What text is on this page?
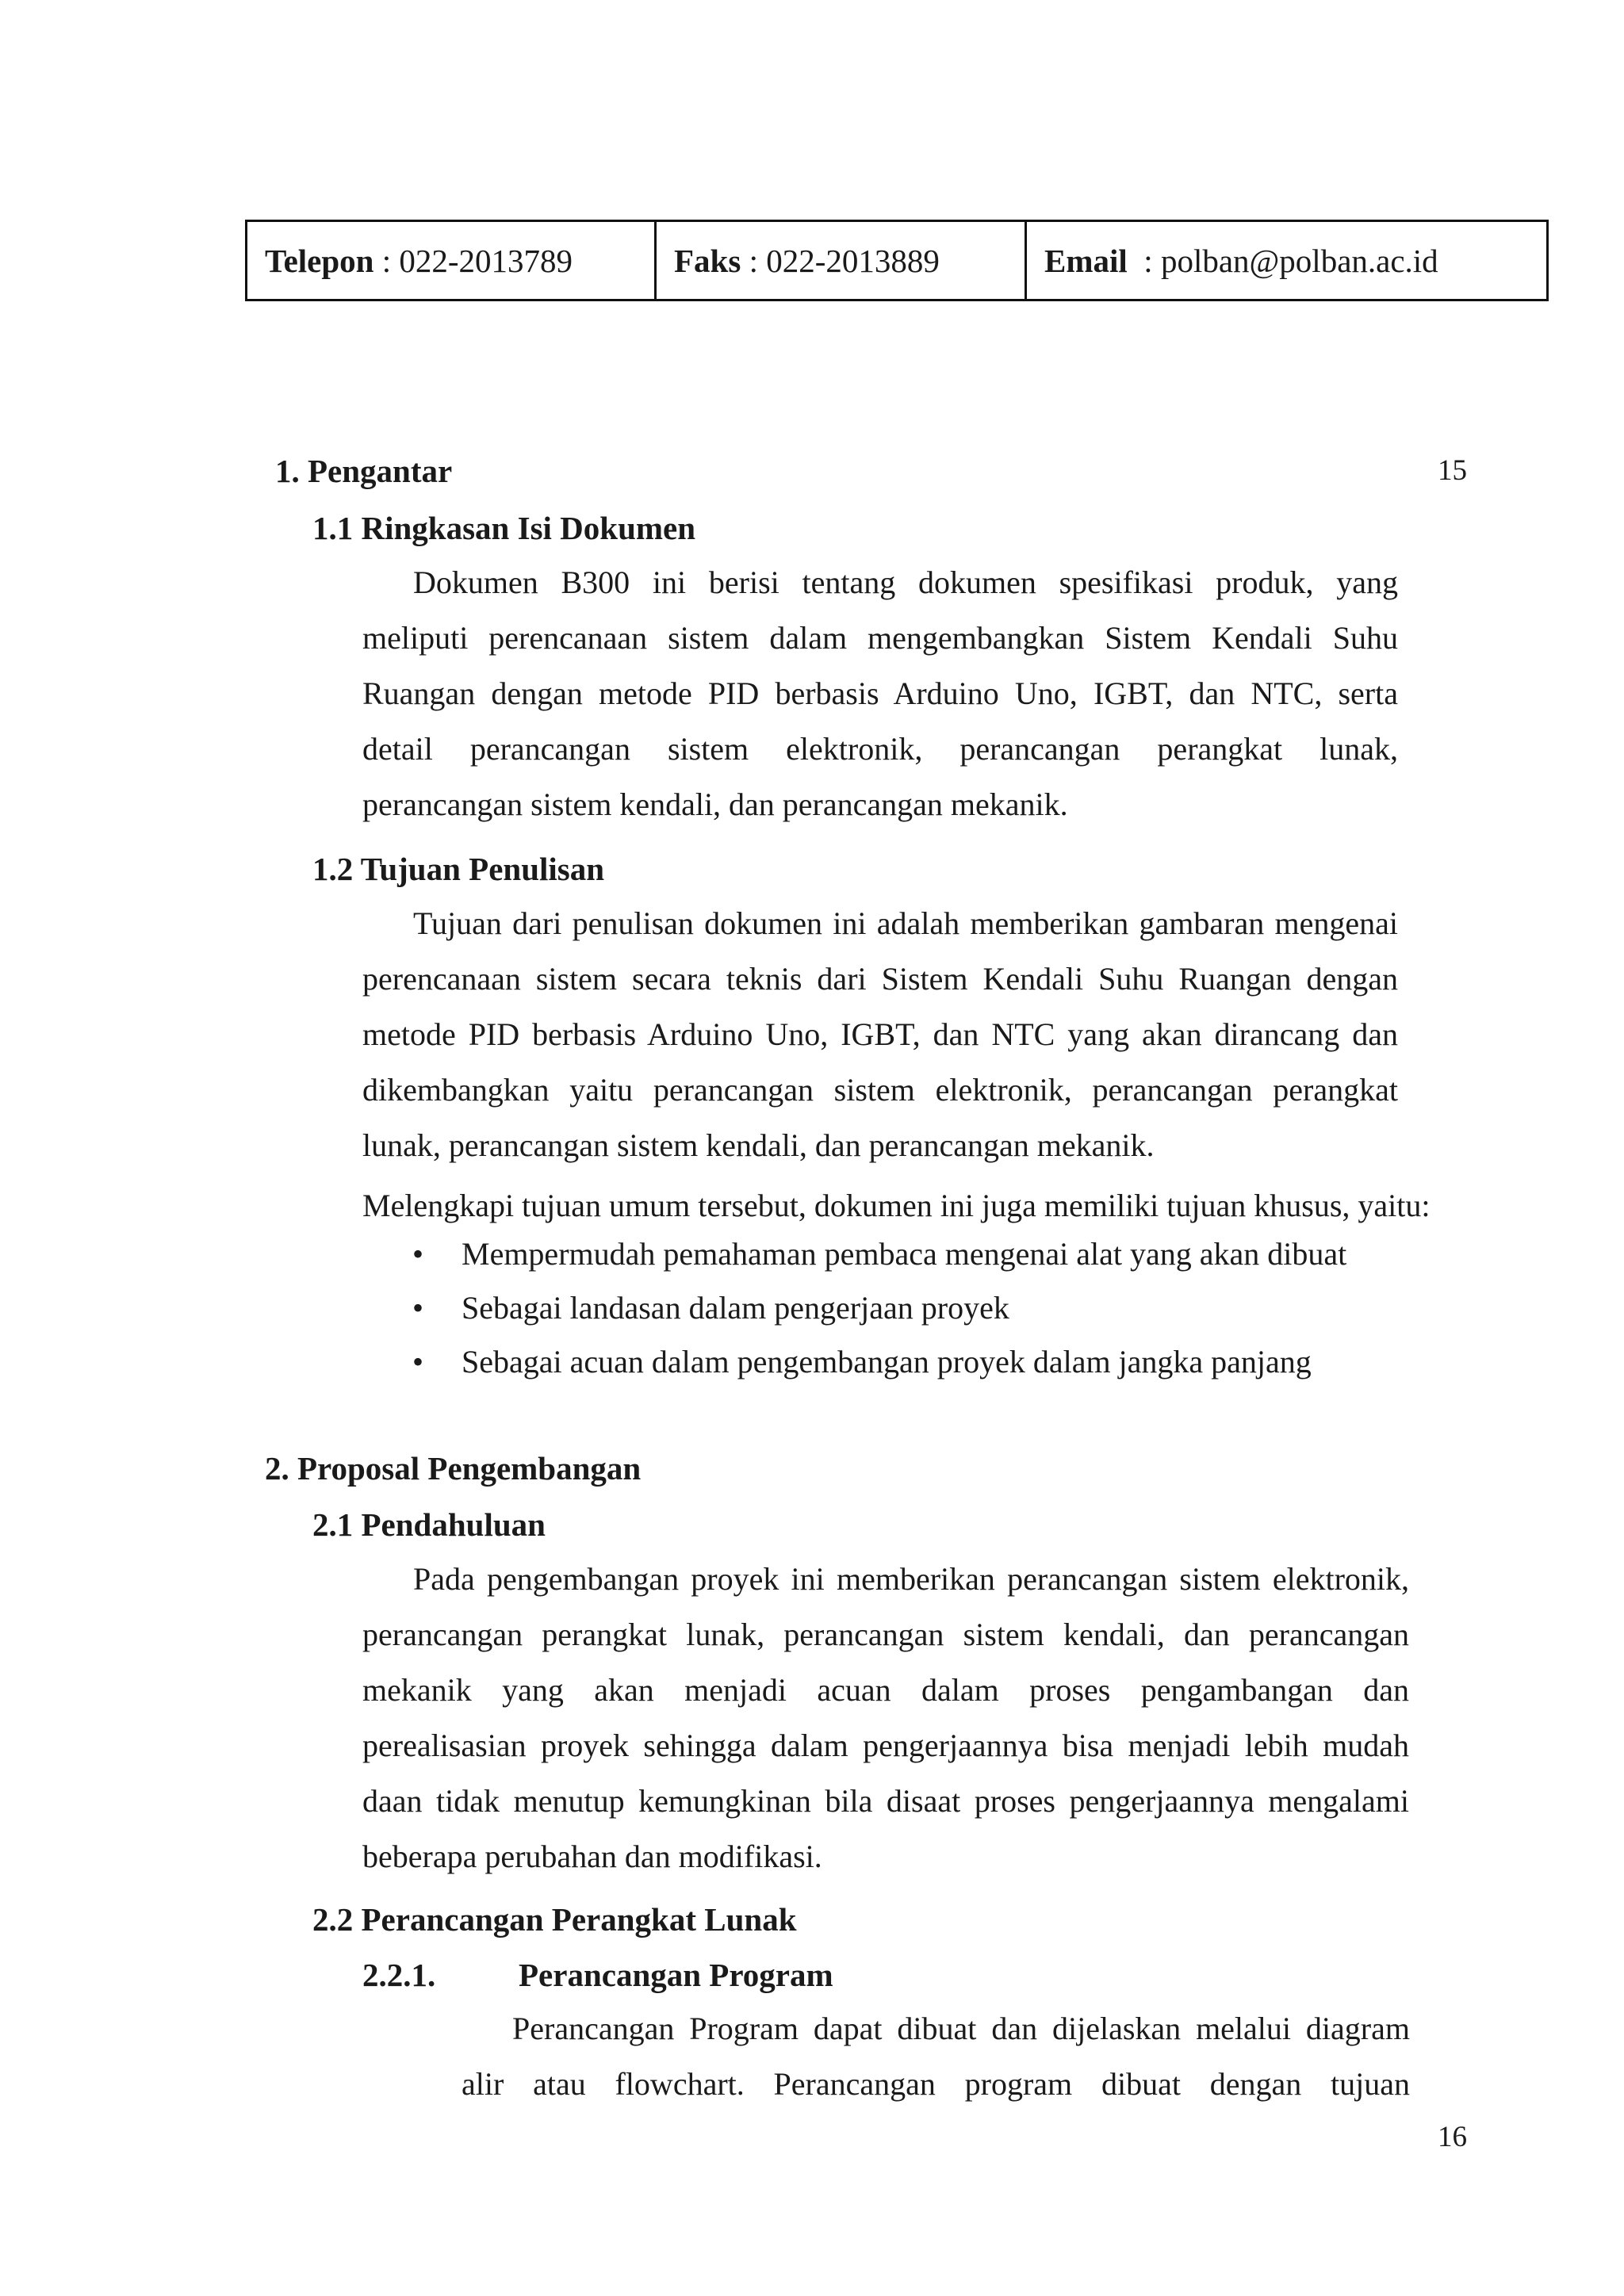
Telepon : 022-2013789	Faks : 022-2013889	Email : polban@polban.ac.id
1. Pengantar	15
1.1 Ringkasan Isi Dokumen
Dokumen B300 ini berisi tentang dokumen spesifikasi produk, yang
meliputi perencanaan sistem dalam mengembangkan Sistem Kendali Suhu
Ruangan dengan metode PID berbasis Arduino Uno, IGBT, dan NTC, serta
detail perancangan sistem elektronik, perancangan perangkat lunak,
perancangan sistem kendali, dan perancangan mekanik.
1.2 Tujuan Penulisan
Tujuan dari penulisan dokumen ini adalah memberikan gambaran mengenai
perencanaan sistem secara teknis dari Sistem Kendali Suhu Ruangan dengan
metode PID berbasis Arduino Uno, IGBT, dan NTC yang akan dirancang dan
dikembangkan yaitu perancangan sistem elektronik, perancangan perangkat
lunak, perancangan sistem kendali, dan perancangan mekanik.
Melengkapi tujuan umum tersebut, dokumen ini juga memiliki tujuan khusus, yaitu:
• Mempermudah pemahaman pembaca mengenai alat yang akan dibuat
• Sebagai landasan dalam pengerjaan proyek
• Sebagai acuan dalam pengembangan proyek dalam jangka panjang
2. Proposal Pengembangan
2.1 Pendahuluan
Pada pengembangan proyek ini memberikan perancangan sistem elektronik,
perancangan perangkat lunak, perancangan sistem kendali, dan perancangan
mekanik yang akan menjadi acuan dalam proses pengambangan dan
perealisasian proyek sehingga dalam pengerjaannya bisa menjadi lebih mudah
daan tidak menutup kemungkinan bila disaat proses pengerjaannya mengalami
beberapa perubahan dan modifikasi.
2.2 Perancangan Perangkat Lunak
2.2.1.	Perancangan Program
Perancangan Program dapat dibuat dan dijelaskan melalui diagram
alir atau flowchart. Perancangan program dibuat dengan tujuan
16
